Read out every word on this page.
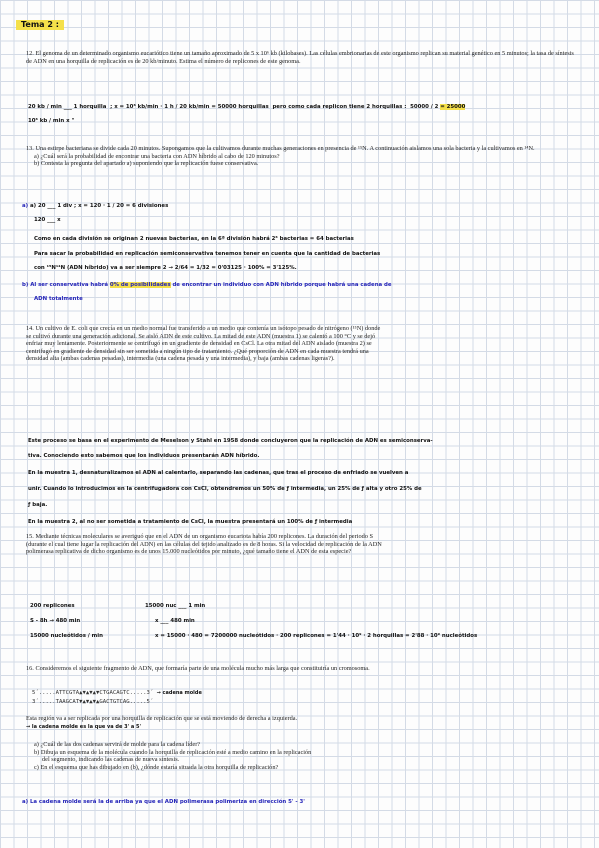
Tema 2 :

12. El genoma de un determinado organismo eucariótico tiene un tamaño aproximado de 5 x 10⁶ kb (kilobases). Las células embrionarias de este organismo replican su material genético en 5 minutos; la tasa de síntesis de ADN en una horquilla de replicación es de 20 kb/minuto. Estima el número de replicones de este genoma.

20 kb / min ___ 1 horquilla ; x = 10⁶ kb/min · 1 h / 20 kb/min = 50000 horquillas pero como cada replicon tiene 2 horquillas : 50000 / 2 = 25000
10⁶ kb / min x "

13. Una estirpe bacteriana se divide cada 20 minutos. Supongamos que la cultivamos durante muchas generaciones en presencia de ¹⁵N. A continuación aislamos una sola bacteria y la cultivamos en ¹⁴N.

a) ¿Cuál será la probabilidad de encontrar una bacteria con ADN híbrido al cabo de 120 minutos?

b) Contesta la pregunta del apartado a) suponiendo que la replicación fuese conservativa.

a) a) 20 ___ 1 div ; x = 120 · 1 / 20 = 6 divisiones
120 ___ x
Como en cada división se originan 2 nuevas bacterias, en la 6ª división habrá 2⁶ bacterias = 64 bacterias
Para sacar la probabilidad en replicación semiconservativa tenemos tener en cuenta que la cantidad de bacterias
con ¹⁵N¹⁴N (ADN híbrido) va a ser siempre 2 → 2/64 = 1/32 = 0'03125 · 100% = 3'125%.
b) Al ser conservativa habrá 0% de posibilidades de encontrar un individuo con ADN híbrido porque habrá una cadena de
ADN totalmente

14. Un cultivo de E. coli que crecía en un medio normal fue transferido a un medio que contenía un isótopo pesado de nitrógeno (¹⁵N) donde se cultivó durante una generación adicional. Se aisló ADN de este cultivo. La mitad de este ADN (muestra 1) se calentó a 100 °C y se dejó enfriar muy lentamente. Posteriormente se centrifugó en un gradiente de densidad en CsCl. La otra mitad del ADN aislado (muestra 2) se centrifugó en gradiente de densidad sin ser sometida a ningún tipo de tratamiento. ¿Qué proporción de ADN en cada muestra tendrá una densidad alta (ambas cadenas pesadas), intermedia (una cadena pesada y una intermedia), y baja (ambas cadenas ligeras?).

Este proceso se basa en el experimento de Meselson y Stahl en 1958 donde concluyeron que la replicación de ADN es semiconserva-
tiva. Conociendo esto sabemos que los individuos presentarán ADN híbrido.
En la muestra 1, desnaturalizamos el ADN al calentarlo, separando las cadenas, que tras el proceso de enfriado se vuelven a
unir. Cuando lo introducimos en la centrifugadora con CsCl, obtendremos un 50% de ƒ intermedia, un 25% de ƒ alta y otro 25% de
ƒ baja.
En la muestra 2, al no ser sometida a tratamiento de CsCl, la muestra presentará un 100% de ƒ intermedia

15. Mediante técnicas moleculares se averiguó que en el ADN de un organismo eucariota había 200 replicones. La duración del periodo S (durante el cual tiene lugar la replicación del ADN) en las células del tejido analizado es de 8 horas. Si la velocidad de replicación de la ADN polimerasa replicativa de dicho organismo es de unos 15.000 nucleótidos por minuto, ¿qué tamaño tiene el ADN de esta especie?

200 replicones	15000 nuc ___ 1 min
S - 8h → 480 min	x ___ 480 min
15000 nucleótidos / min	x = 15000 · 480 = 7200000 nucleótidos · 200 replicones = 1'44 · 10⁹ · 2 horquillas = 2'88 · 10⁹ nucleótidos

16. Consideremos el siguiente fragmento de ADN, que formaría parte de una molécula mucho más larga que constituiría un cromosoma.

5´.....ATTCGTA▲▼▲▼▲▼CTGACAGTC.....3´ → cadena molde
3´.....TAAGCAT▼▲▼▲▼▲GACTGTCAG.....5´

Esta región va a ser replicada por una horquilla de replicación que se está moviendo de derecha a izquierda. → la cadena molde es la que va de 3' a 5'

a) ¿Cuál de las dos cadenas servirá de molde para la cadena líder?

b) Dibuja un esquema de la molécula cuando la horquilla de replicación esté a medio camino en la replicación del segmento, indicando las cadenas de nueva síntesis.

c) En el esquema que has dibujado en (b), ¿dónde estaría situada la otra horquilla de replicación?

a) La cadena molde será la de arriba ya que el ADN polimerasa polimeriza en dirección 5' - 3'
